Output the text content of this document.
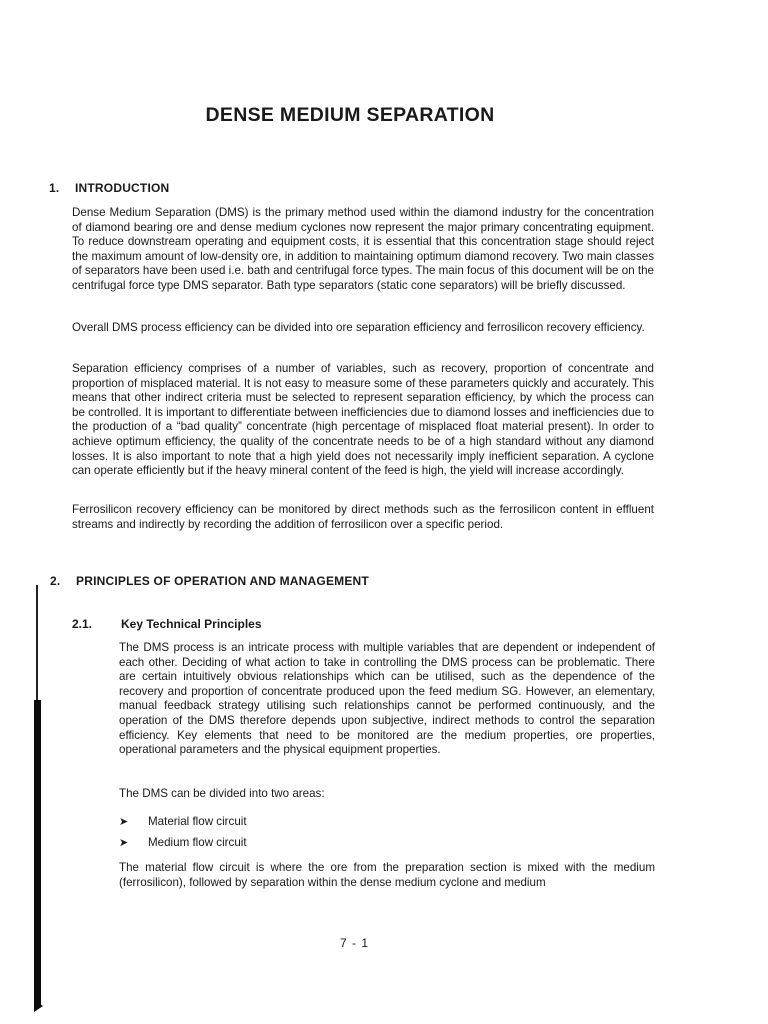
DENSE MEDIUM SEPARATION
1. INTRODUCTION

Dense Medium Separation (DMS) is the primary method used within the diamond industry for the concentration of diamond bearing ore and dense medium cyclones now represent the major primary concentrating equipment. To reduce downstream operating and equipment costs, it is essential that this concentration stage should reject the maximum amount of low-density ore, in addition to maintaining optimum diamond recovery. Two main classes of separators have been used i.e. bath and centrifugal force types. The main focus of this document will be on the centrifugal force type DMS separator. Bath type separators (static cone separators) will be briefly discussed.

Overall DMS process efficiency can be divided into ore separation efficiency and ferrosilicon recovery efficiency.

Separation efficiency comprises of a number of variables, such as recovery, proportion of concentrate and proportion of misplaced material. It is not easy to measure some of these parameters quickly and accurately. This means that other indirect criteria must be selected to represent separation efficiency, by which the process can be controlled. It is important to differentiate between inefficiencies due to diamond losses and inefficiencies due to the production of a “bad quality” concentrate (high percentage of misplaced float material present). In order to achieve optimum efficiency, the quality of the concentrate needs to be of a high standard without any diamond losses. It is also important to note that a high yield does not necessarily imply inefficient separation. A cyclone can operate efficiently but if the heavy mineral content of the feed is high, the yield will increase accordingly.

Ferrosilicon recovery efficiency can be monitored by direct methods such as the ferrosilicon content in effluent streams and indirectly by recording the addition of ferrosilicon over a specific period.

2. PRINCIPLES OF OPERATION AND MANAGEMENT
2.1. Key Technical Principles

The DMS process is an intricate process with multiple variables that are dependent or independent of each other. Deciding of what action to take in controlling the DMS process can be problematic. There are certain intuitively obvious relationships which can be utilised, such as the dependence of the recovery and proportion of concentrate produced upon the feed medium SG. However, an elementary, manual feedback strategy utilising such relationships cannot be performed continuously, and the operation of the DMS therefore depends upon subjective, indirect methods to control the separation efficiency. Key elements that need to be monitored are the medium properties, ore properties, operational parameters and the physical equipment properties.

The DMS can be divided into two areas:

➤	Material flow circuit
➤	Medium flow circuit

The material flow circuit is where the ore from the preparation section is mixed with the medium (ferrosilicon), followed by separation within the dense medium cyclone and medium

7 - 1
